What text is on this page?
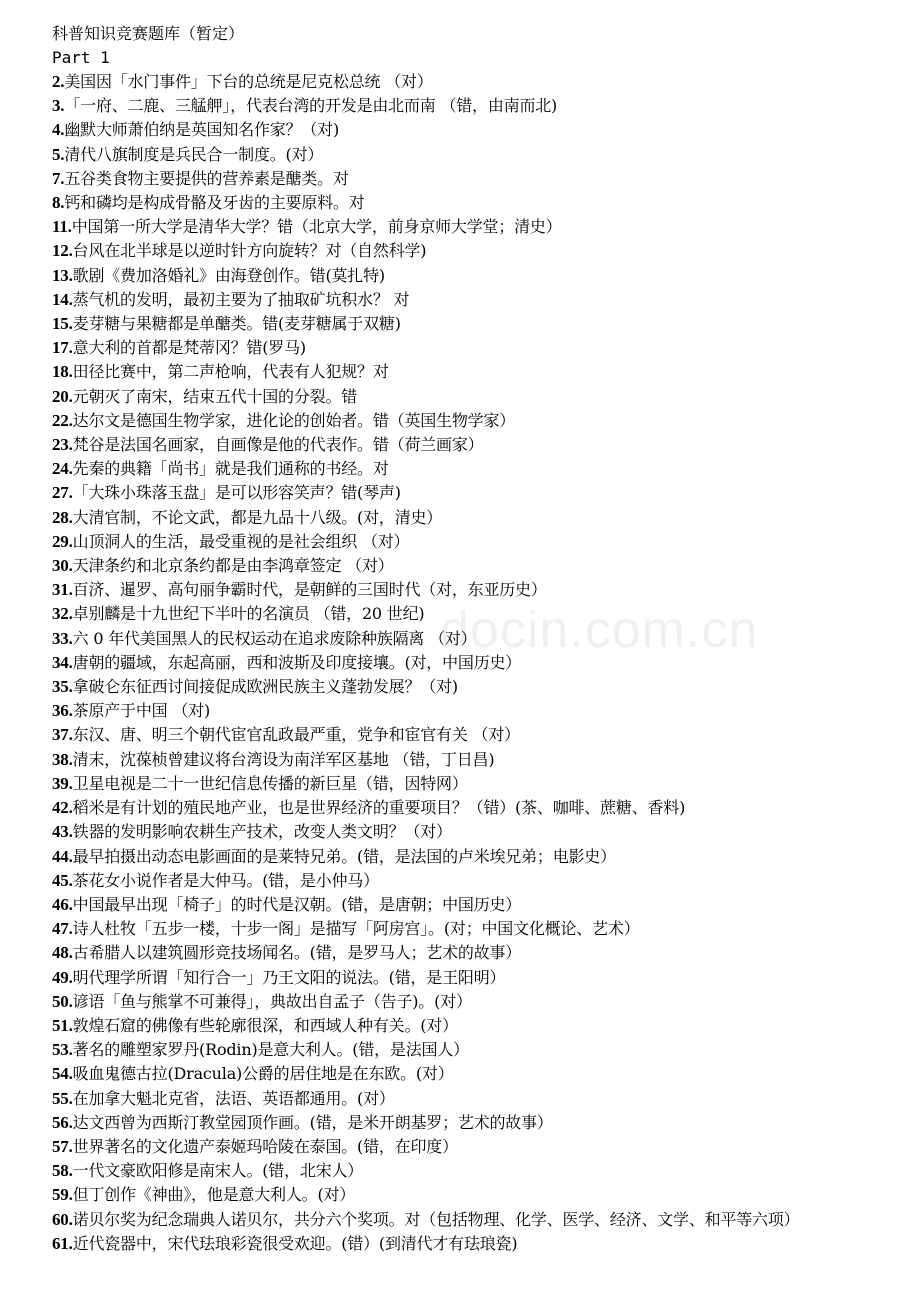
docin.com.cn
科普知识竞赛题库（暂定）
Part 1
2.美国因「水门事件」下台的总统是尼克松总统 （对）
3.「一府、二鹿、三艋舺」，代表台湾的开发是由北而南 （错，由南而北)
4.幽默大师萧伯纳是英国知名作家？（对)
5.清代八旗制度是兵民合一制度。(对）
7.五谷类食物主要提供的营养素是醣类。对
8.钙和磷均是构成骨骼及牙齿的主要原料。对
11.中国第一所大学是清华大学？错（北京大学，前身京师大学堂；清史）
12.台风在北半球是以逆时针方向旋转？对（自然科学)
13.歌剧《费加洛婚礼》由海登创作。错(莫扎特)
14.蒸气机的发明，最初主要为了抽取矿坑积水？ 对
15.麦芽糖与果糖都是单醣类。错(麦芽糖属于双糖)
17.意大利的首都是梵蒂冈？错(罗马)
18.田径比赛中，第二声枪响，代表有人犯规？对
20.元朝灭了南宋，结束五代十国的分裂。错
22.达尔文是德国生物学家，进化论的创始者。错（英国生物学家）
23.梵谷是法国名画家，自画像是他的代表作。错（荷兰画家）
24.先秦的典籍「尚书」就是我们通称的书经。对
27.「大珠小珠落玉盘」是可以形容笑声？错(琴声)
28.大清官制，不论文武，都是九品十八级。(对，清史）
29.山顶洞人的生活，最受重视的是社会组织 （对）
30.天津条约和北京条约都是由李鸿章签定 （对）
31.百济、暹罗、高句丽争霸时代，是朝鲜的三国时代（对，东亚历史）
32.卓别麟是十九世纪下半叶的名演员 （错，20 世纪)
33.六 0 年代美国黑人的民权运动在追求废除种族隔离 （对）
34.唐朝的疆域，东起高丽，西和波斯及印度接壤。(对，中国历史）
35.拿破仑东征西讨间接促成欧洲民族主义蓬勃发展？（对)
36.茶原产于中国 （对)
37.东汉、唐、明三个朝代宦官乱政最严重，党争和宦官有关 （对）
38.清末，沈葆桢曾建议将台湾设为南洋军区基地 （错，丁日昌)
39.卫星电视是二十一世纪信息传播的新巨星（错，因特网）
42.稻米是有计划的殖民地产业，也是世界经济的重要项目？（错）(茶、咖啡、蔗糖、香料)
43.铁器的发明影响农耕生产技术，改变人类文明？（对）
44.最早拍摄出动态电影画面的是莱特兄弟。(错，是法国的卢米埃兄弟；电影史）
45.茶花女小说作者是大仲马。(错，是小仲马）
46.中国最早出现「椅子」的时代是汉朝。(错，是唐朝；中国历史）
47.诗人杜牧「五步一楼，十步一阁」是描写「阿房宫」。(对；中国文化概论、艺术）
48.古希腊人以建筑圆形竞技场闻名。(错，是罗马人；艺术的故事）
49.明代理学所谓「知行合一」乃王文阳的说法。(错，是王阳明）
50.谚语「鱼与熊掌不可兼得」，典故出自孟子（告子)。(对）
51.敦煌石窟的佛像有些轮廓很深，和西域人种有关。(对）
53.著名的雕塑家罗丹(Rodin)是意大利人。(错，是法国人）
54.吸血鬼德古拉(Dracula)公爵的居住地是在东欧。(对）
55.在加拿大魁北克省，法语、英语都通用。(对）
56.达文西曾为西斯汀教堂园顶作画。(错，是米开朗基罗；艺术的故事）
57.世界著名的文化遗产泰姬玛哈陵在泰国。(错，在印度）
58.一代文豪欧阳修是南宋人。(错，北宋人）
59.但丁创作《神曲》，他是意大利人。(对）
60.诺贝尔奖为纪念瑞典人诺贝尔，共分六个奖项。对（包括物理、化学、医学、经济、文学、和平等六项）
61.近代瓷器中，宋代珐琅彩瓷很受欢迎。(错）(到清代才有珐琅瓷)
